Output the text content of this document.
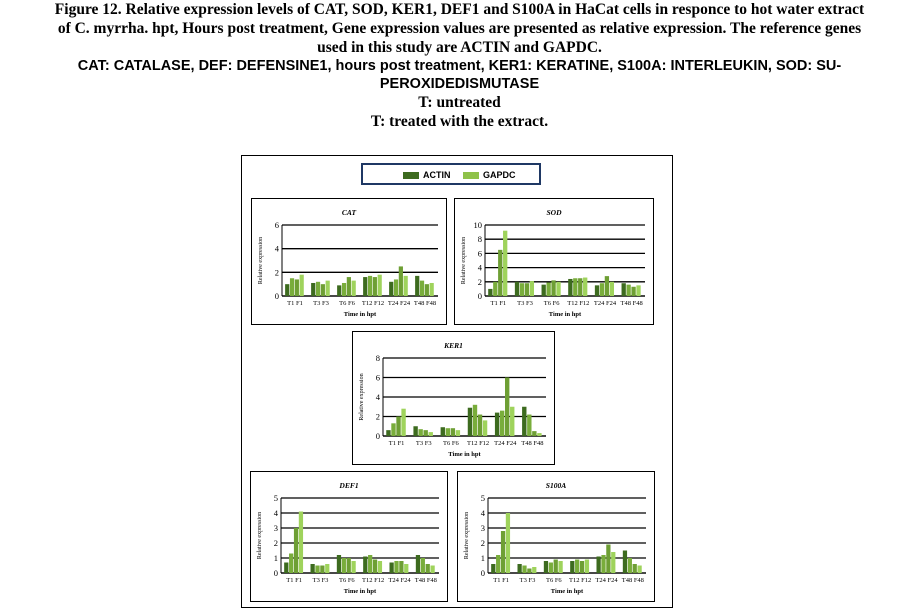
Figure 12. Relative expression levels of CAT, SOD, KER1, DEF1 and S100A in HaCat cells in responce to hot water extract
of C. myrrha. hpt, Hours post treatment, Gene expression values are presented as relative expression. The reference genes
used in this study are ACTIN and GAPDC.
CAT: CATALASE, DEF: DEFENSINE1, hours post treatment, KER1: KERATINE, S100A: INTERLEUKIN, SOD: SU-
PEROXIDEDISMUTASE
T: untreated
T: treated with the extract.
ACTIN	GAPDC
CAT
0
2
4
6
Relative expression
T1 F1 T3 F3 T6 F6 T12 F12 T24 F24 T48 F48
Time in hpt
SOD
0
2
4
6
8
10
Relative expression
T1 F1 T3 F3 T6 F6 T12 F12 T24 F24 T48 F48
Time in hpt
KER1
0
2
4
6
8
Relative expression
T1 F1 T3 F3 T6 F6 T12 F12 T24 F24 T48 F48
Time in hpt
DEF1
0
1
2
3
4
5
Relative expression
T1 F1 T3 F3 T6 F6 T12 F12 T24 F24 T48 F48
Time in hpt
S100A
0
1
2
3
4
5
Relative expression
T1 F1 T3 F3 T6 F6 T12 F12 T24 F24 T48 F48
Time in hpt
